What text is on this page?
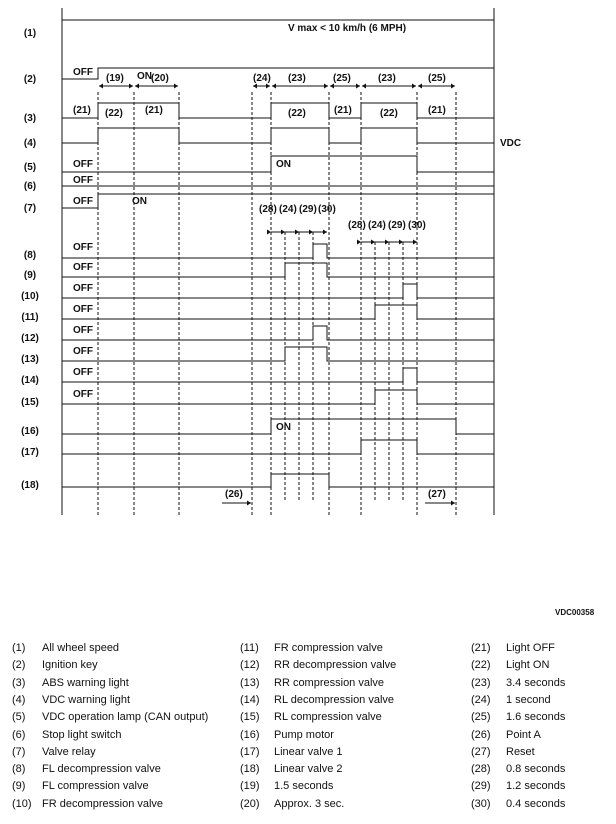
(1)
(2)
(3)
(4)
(5)
(6)
(7)
(8)
(9)
(10)
(11)
(12)
(13)
(14)
(15)
(16)
(17)
(18)
V max < 10 km/h (6 MPH)
OFF	ON
(19)	(20)	(24) (23)	(25)	(23)	(25)
(21) (22) (21)	(22)	(21)	(22)	(21)
VDC
OFF	ON
OFF
OFF	ON
(28) (24) (29) (30)
(28) (24) (29) (30)
OFF
OFF
OFF
OFF
OFF
OFF
OFF
OFF
ON
(26)	(27)
VDC00358
(1) All wheel speed
(2) Ignition key
(3) ABS warning light
(4) VDC warning light
(5) VDC operation lamp (CAN output)
(6) Stop light switch
(7) Valve relay
(8) FL decompression valve
(9) FL compression valve
(10) FR decompression valve
(11) FR compression valve
(12) RR decompression valve
(13) RR compression valve
(14) RL decompression valve
(15) RL compression valve
(16) Pump motor
(17) Linear valve 1
(18) Linear valve 2
(19) 1.5 seconds
(20) Approx. 3 sec.
(21) Light OFF
(22) Light ON
(23) 3.4 seconds
(24) 1 second
(25) 1.6 seconds
(26) Point A
(27) Reset
(28) 0.8 seconds
(29) 1.2 seconds
(30) 0.4 seconds
